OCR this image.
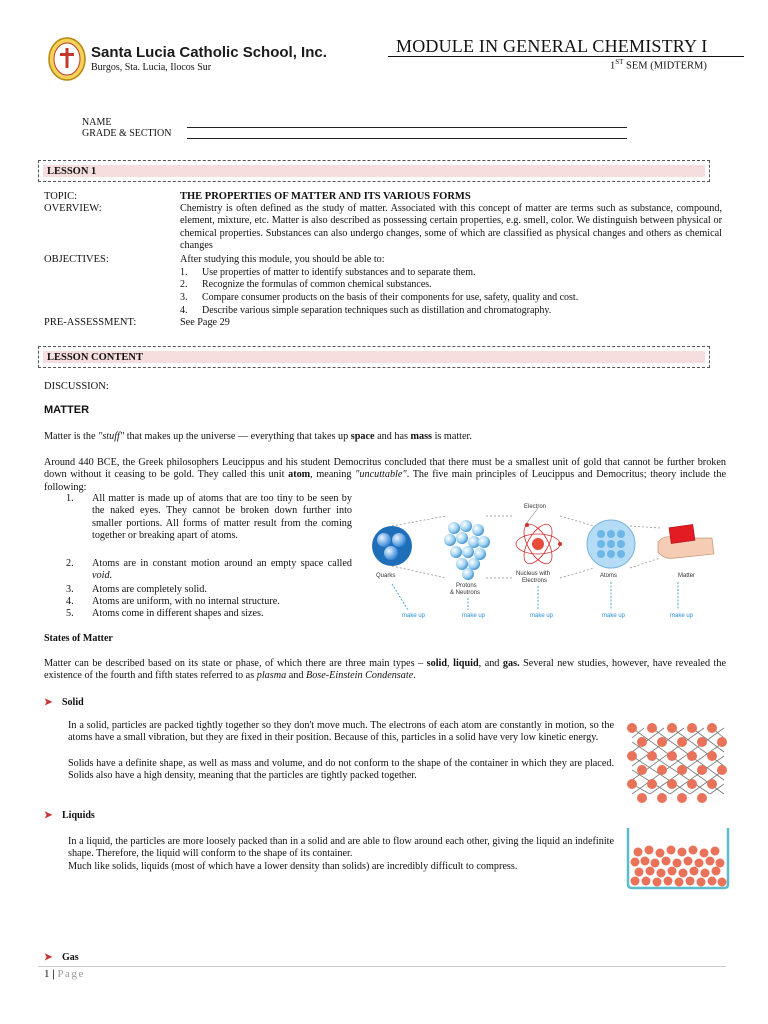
Santa Lucia Catholic School, Inc.
Burgos, Sta. Lucia, Ilocos Sur
MODULE IN GENERAL CHEMISTRY I
1ST SEM (MIDTERM)
NAME
GRADE & SECTION
LESSON 1
TOPIC:	THE PROPERTIES OF MATTER AND ITS VARIOUS FORMS
OVERVIEW:	Chemistry is often defined as the study of matter. Associated with this concept of matter are terms such as substance, compound, element, mixture, etc. Matter is also described as possessing certain properties, e.g. smell, color. We distinguish between physical or chemical properties. Substances can also undergo changes, some of which are classified as physical changes and others as chemical changes
OBJECTIVES:	After studying this module, you should be able to:
1. Use properties of matter to identify substances and to separate them.
2. Recognize the formulas of common chemical substances.
3. Compare consumer products on the basis of their components for use, safety, quality and cost.
4. Describe various simple separation techniques such as distillation and chromatography.
PRE-ASSESSMENT:	See Page 29
LESSON CONTENT
DISCUSSION:
MATTER
Matter is the "stuff" that makes up the universe — everything that takes up space and has mass is matter.
Around 440 BCE, the Greek philosophers Leucippus and his student Democritus concluded that there must be a smallest unit of gold that cannot be further broken down without it ceasing to be gold. They called this unit atom, meaning "uncuttable". The five main principles of Leucippus and Democritus; theory include the following:
1. All matter is made up of atoms that are too tiny to be seen by the naked eyes. They cannot be broken down further into smaller portions. All forms of matter result from the coming together or breaking apart of atoms.
2. Atoms are in constant motion around an empty space called void.
3. Atoms are completely solid.
4. Atoms are uniform, with no internal structure.
5. Atoms come in different shapes and sizes.
Quarks
Protons
& Neutrons
Electron
Nucleus with
Electrons
Atoms	Matter
make up	make up	make up	make up	make up
States of Matter
Matter can be described based on its state or phase, of which there are three main types – solid, liquid, and gas. Several new studies, however, have revealed the existence of the fourth and fifth states referred to as plasma and Bose-Einstein Condensate.
➤ Solid
In a solid, particles are packed tightly together so they don't move much. The electrons of each atom are constantly in motion, so the atoms have a small vibration, but they are fixed in their position. Because of this, particles in a solid have very low kinetic energy.
Solids have a definite shape, as well as mass and volume, and do not conform to the shape of the container in which they are placed. Solids also have a high density, meaning that the particles are tightly packed together.
➤ Liquids
In a liquid, the particles are more loosely packed than in a solid and are able to flow around each other, giving the liquid an indefinite shape. Therefore, the liquid will conform to the shape of its container.
Much like solids, liquids (most of which have a lower density than solids) are incredibly difficult to compress.
➤ Gas
1 | Page
